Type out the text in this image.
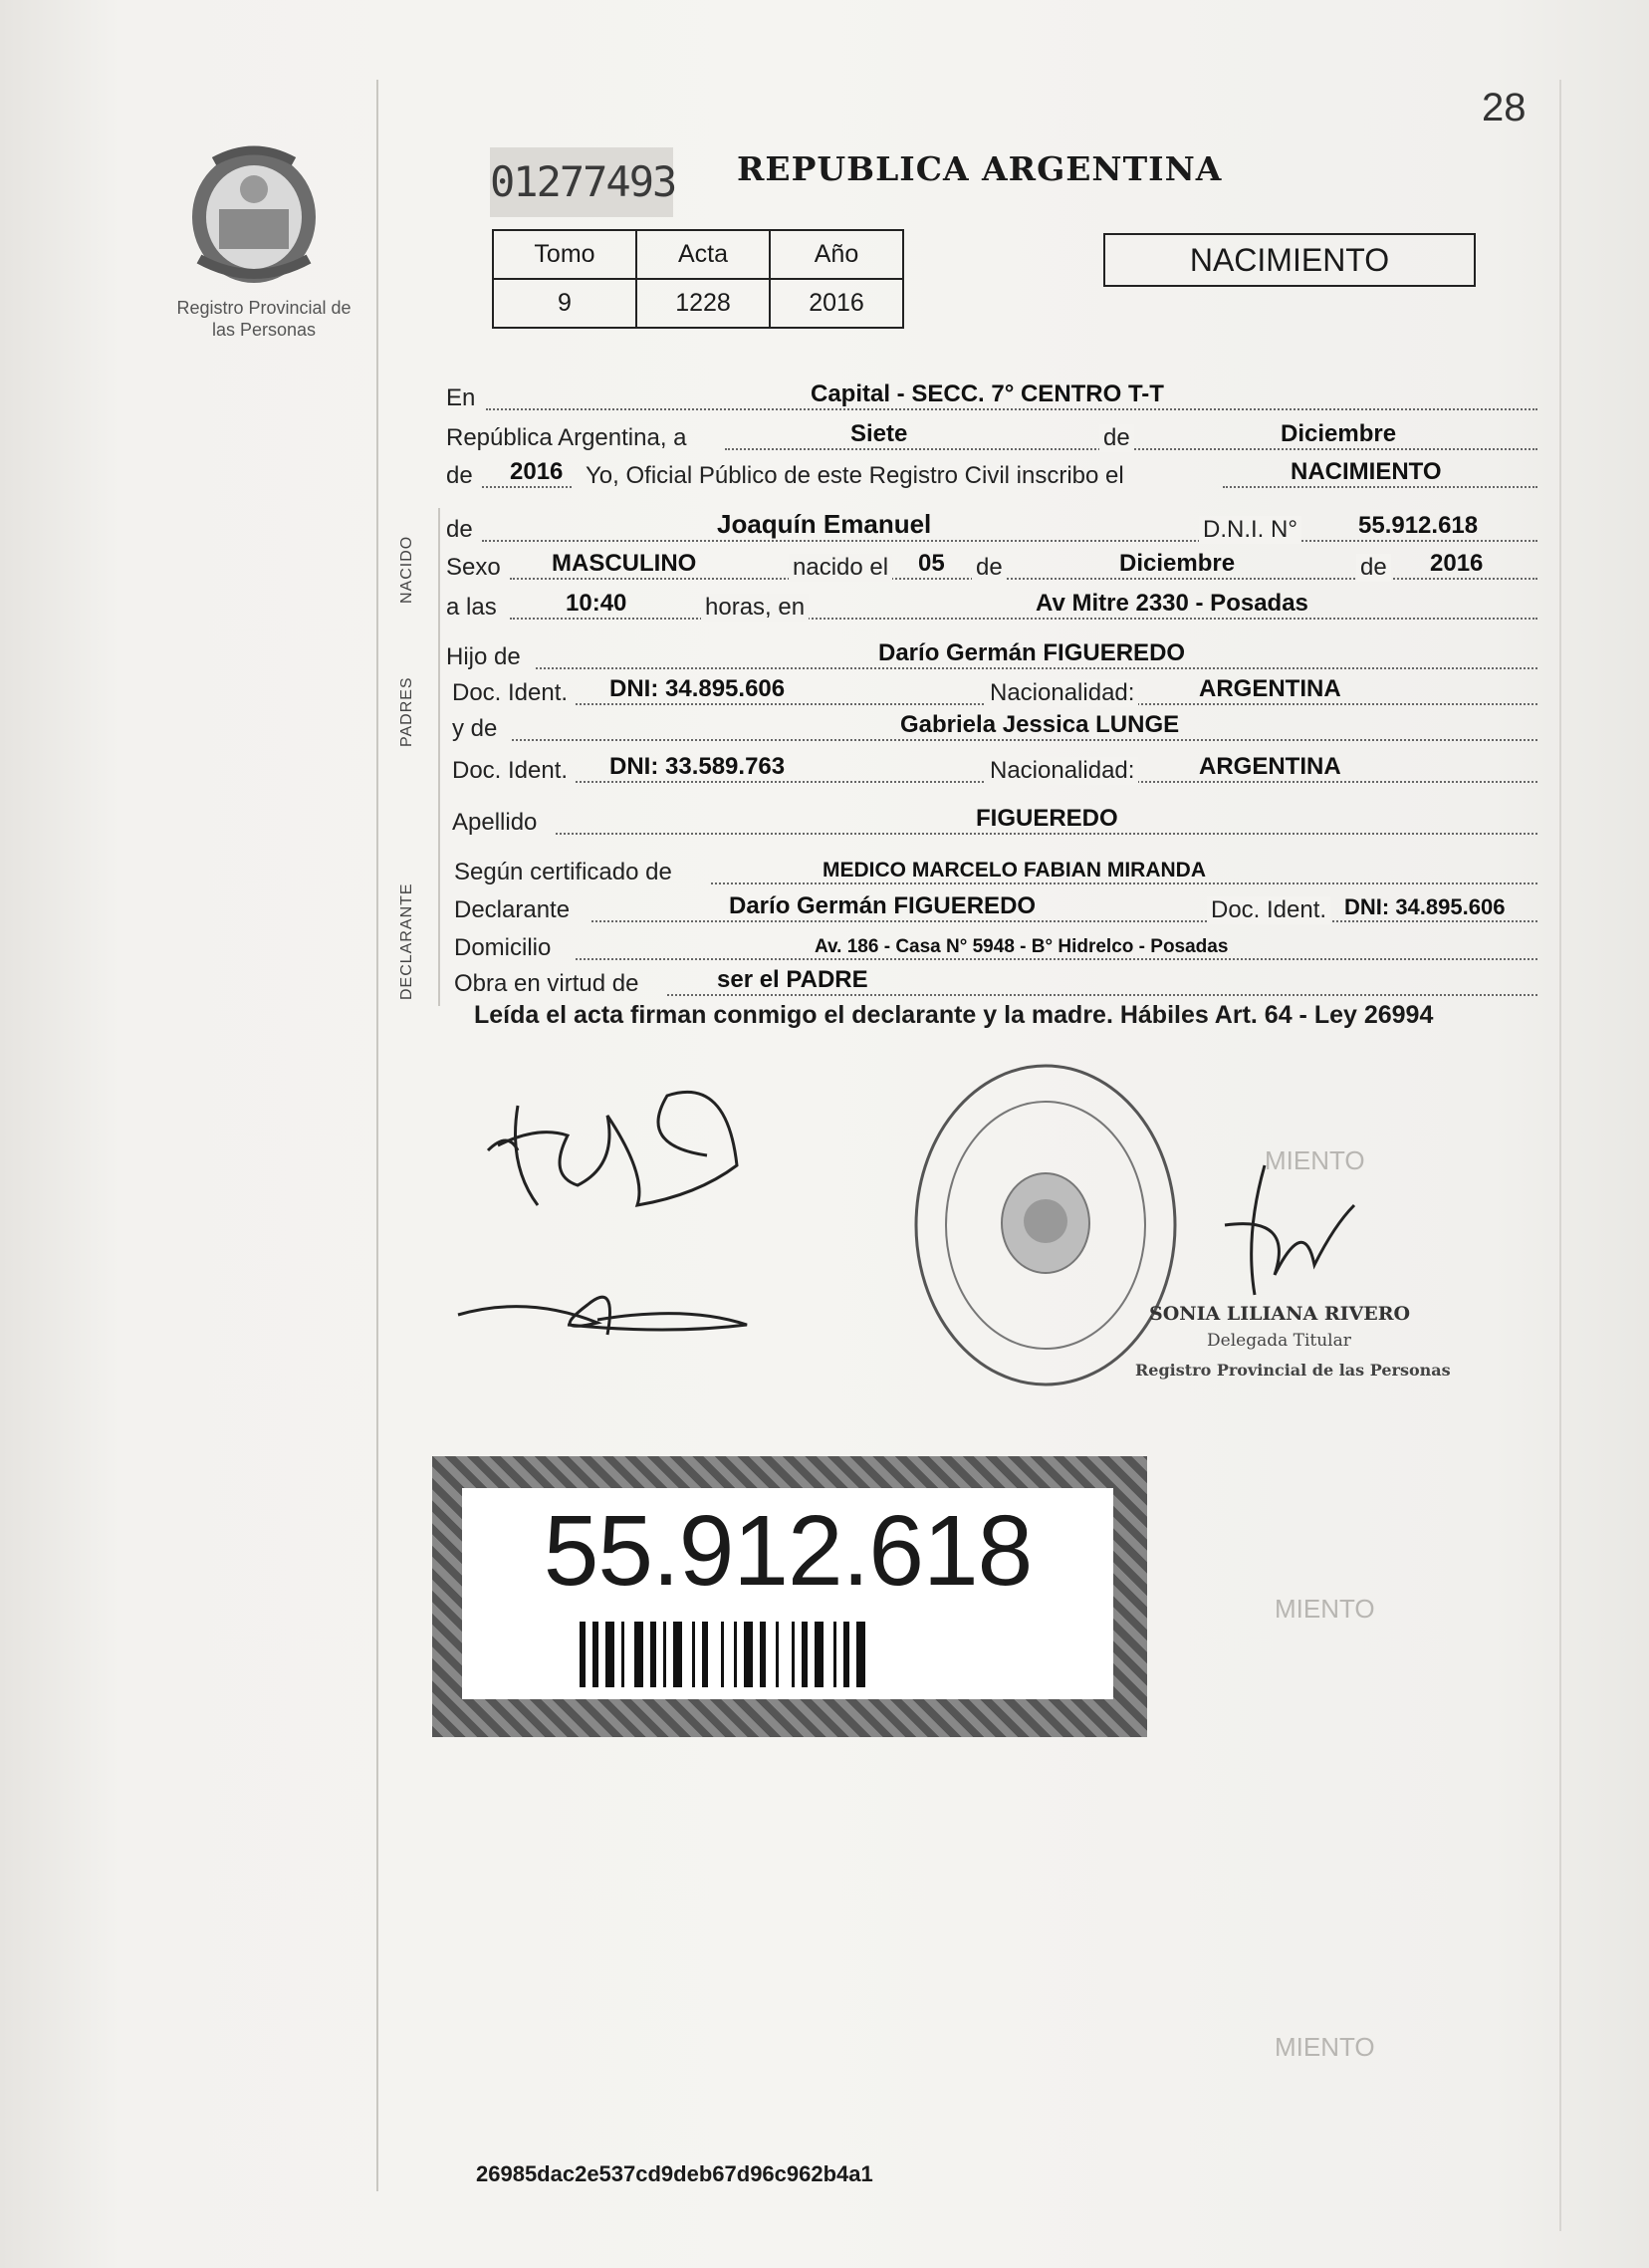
Registro Provincial de las Personas
28
01277493 REPUBLICA ARGENTINA
Tomo	Acta	Año
9	1228	2016
NACIMIENTO
NACIDO
PADRES
DECLARANTE
En	Capital - SECC. 7° CENTRO T-T
República Argentina, a	Siete	de	Diciembre
de 2016 Yo, Oficial Público de este Registro Civil inscribo el	NACIMIENTO
de	Joaquín Emanuel	D.N.I. N°	55.912.618
Sexo MASCULINO	nacido el 05 de	Diciembre	de 2016
a las	10:40	horas, en	Av Mitre 2330 - Posadas
Hijo de	Darío Germán FIGUEREDO
Doc. Ident. DNI: 34.895.606	Nacionalidad:	ARGENTINA
y de	Gabriela Jessica LUNGE
Doc. Ident. DNI: 33.589.763	Nacionalidad:	ARGENTINA
Apellido	FIGUEREDO
Según certificado de	MEDICO MARCELO FABIAN MIRANDA
Declarante	Darío Germán FIGUEREDO	Doc. Ident. DNI: 34.895.606
Domicilio	Av. 186 - Casa N° 5948 - B° Hidrelco - Posadas
Obra en virtud de	ser el PADRE
Leída el acta firman conmigo el declarante y la madre. Hábiles Art. 64 - Ley 26994
SONIA LILIANA RIVERO
Delegada Titular
Registro Provincial de las Personas
MIENTO
MIENTO
MIENTO
55.912.618
26985dac2e537cd9deb67d96c962b4a1
